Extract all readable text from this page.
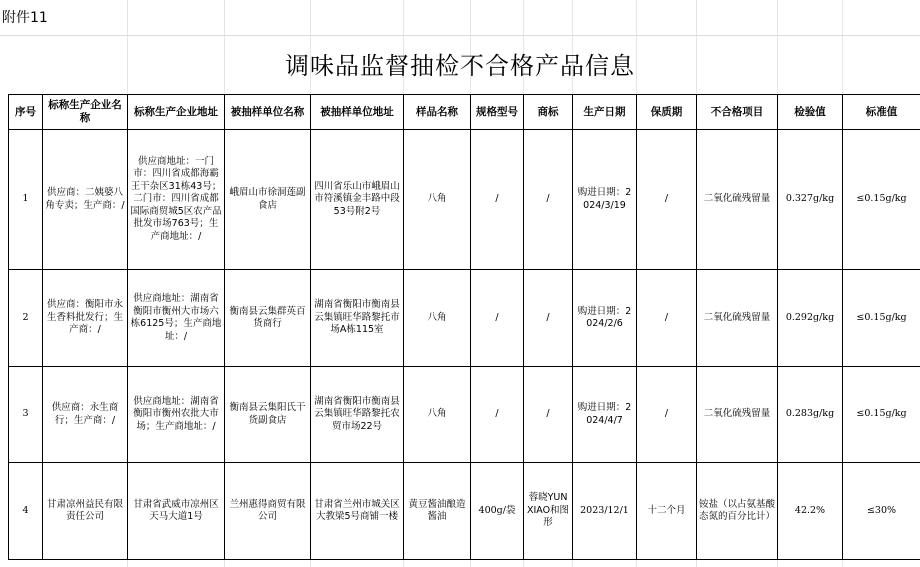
附件11
调味品监督抽检不合格产品信息
序号	标称生产企业名称	标称生产企业地址	被抽样单位名称	被抽样单位地址	样品名称	规格型号	商标	生产日期	保质期	不合格项目	检验值	标准值
1	供应商：二姨婆八角专卖；生产商：/	供应商地址：一门市：四川省成都海霸王干杂区31栋43号；二门市：四川省成都国际商贸城5区农产品批发市场763号；生产商地址：/	峨眉山市徐洞莲副食店	四川省乐山市峨眉山市符溪镇金丰路中段53号附2号	八角	/	/	购进日期：2024/3/19	/	二氧化硫残留量	0.327g/kg	≤0.15g/kg
2	供应商：衡阳市永生香料批发行；生产商：/	供应商地址：湖南省衡阳市衡州大市场六栋6125号；生产商地址：/	衡南县云集群英百货商行	湖南省衡阳市衡南县云集镇旺华路黎托市场A栋115室	八角	/	/	购进日期：2024/2/6	/	二氧化硫残留量	0.292g/kg	≤0.15g/kg
3	供应商：永生商行；生产商：/	供应商地址：湖南省衡阳市衡州农批大市场；生产商地址：/	衡南县云集阳氏干货副食店	湖南省衡阳市衡南县云集镇旺华路黎托农贸市场22号	八角	/	/	购进日期：2024/4/7	/	二氧化硫残留量	0.283g/kg	≤0.15g/kg
4	甘肃凉州益民有限责任公司	甘肃省武威市凉州区天马大道1号	兰州惠得商贸有限公司	甘肃省兰州市城关区大教梁5号商铺一楼	黄豆酱油酿造酱油	400g/袋	蓉晓YUNXIAO和图形	2023/12/1	十二个月	铵盐（以占氨基酸态氮的百分比计）	42.2%	≤30%
